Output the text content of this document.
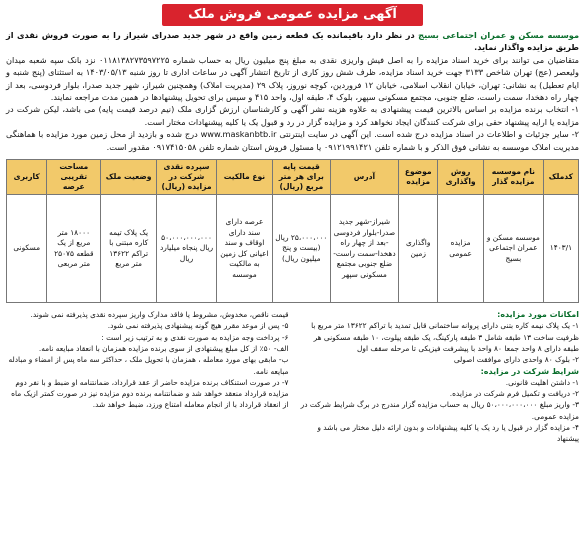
آگهی مزایده عمومی فروش ملک

موسسه مسکن و عمران اجتماعی بسیج در نظر دارد باقیمانده یک قطعه زمین واقع در شهر جدید صدرای شیراز را به صورت فروش نقدی از طریق مزایده واگذار نماید.

متقاضیان می توانند برای خرید اسناد مزایده را به اصل فیش واریزی نقدی به مبلغ پنج میلیون ریال به حساب شماره ۰۱۱۸۱۳۸۲۷۳۵۹۷۲۲۵ نزد بانک سپه شعبه میدان ولیعصر (عج) تهران شاخص ۳۱۳۳ جهت خرید اسناد مزایده، ظرف شش روز کاری از تاریخ انتشار آگهی در ساعات اداری تا روز شنبه ۱۴۰۳/۰۵/۱۳ به استثنای (پنج شنبه و ایام تعطیل) به نشانی: تهران، خیابان انقلاب اسلامی، خیابان ۱۲ فروردین، کوچه نوروز، پلاک ۲۹ (مدیریت املاک) وهمچنین شیراز، شهر جدید صدرا، بلوار فردوسی، بعد از چهار راه دهخدا، سمت راست، ضلع جنوبی، مجتمع مسکونی سپهر، بلوک ۴، طبقه اول، واحد ۴۱۵ و سپس برای تحویل پیشنهادها در همین مدت مراجعه نمایند.

۱- انتخاب برنده مزایده بر اساس بالاترین قیمت پیشنهادی به علاوه هزینه نشر آگهی و کارشناسان ارزش گزاری ملک (نیم درصد قیمت پایه) می باشد، لیکن شرکت در مزایده یا ارایه پیشنهاد حقی برای شرکت کنندگان ایجاد نخواهد کرد و مزایده گزار در رد و قبول یک یا کلیه پیشنهادات مختار است.

۲- سایر جزئیات و اطلاعات در اسناد مزایده درج شده است. این آگهی در سایت اینترنتی www.maskanbtb.ir درج شده و بازدید از محل زمین مورد مزایده با هماهنگی مدیریت املاک موسسه به نشانی فوق الذکر و با شماره تلفن ۰۹۱۲۱۹۹۱۴۲۱ یا مسئول فروش استان شماره تلفن ۰۹۱۷۴۱۵۰۵۸ مقدور است.

کدملک	نام موسسه مزایده گذار	روش واگذاری	موضوع مزایده	آدرس	قیمت پایه برای هر متر مربع (ریال)	نوع مالکیت	سپرده نقدی شرکت در مزایده (ریال)	وضعیت ملک	مساحت تقریبی عرصه	کاربری
۱۴۰۳/۱	موسسه مسکن و عمران اجتماعی بسیج	مزایده عمومی	واگذاری زمین	شیراز-شهر جدید صدرا-بلوار فردوسی -بعد از چهار راه دهخدا-سمت راست-ضلع جنوبی مجتمع مسکونی سپهر	۲۵،۰۰۰،۰۰۰ ریال (بیست و پنج میلیون ریال)	عرصه دارای سند دارای اوقاف و سند اعیانی کل زمین به مالکیت موسسه	۵۰،۰۰۰،۰۰۰،۰۰۰ ریال پنجاه میلیارد ریال	یک پلاک تیمه کاره مبتنی با تراکم ۱۳۶۲۲ متر مربع	۱۸۰۰۰ متر مربع از یک قطعه ۲۵۰۷۵ متر مربعی	مسکونی
امکانات مورد مزایده:
۱- یک پلاک نیمه کاره بتنی دارای پروانه ساختمانی قابل تمدید با تراکم ۱۳۶۲۲ متر مربع با ظرفیت ساخت ۱۳ طبقه شامل ۳ طبقه پارکینگ، یک طبقه پیلوت، ۱۰ طبقه مسکونی هر طبقه دارای ۸ واحد جمعا ۸۰ واحد با پیشرفت فیزیکی تا مرحله سقف اول
۲- بلوک ۸۰ واحدی دارای موافقت اصولی
شرایط شرکت در مزایده:
۱- داشتن اهلیت قانونی.
۲- دریافت و تکمیل فرم شرکت در مزایده.
۳- واریز مبلغ ۵۰،۰۰۰،۰۰۰،۰۰۰ ریال به حساب مزایده گزار مندرج در برگ شرایط شرکت در مزایده عمومی.
۴- مزایده گزار در قبول یا رد یک یا کلیه پیشنهادات و بدون ارائه دلیل مختار می باشد و پیشنهاد
قیمت ناقص، مخدوش، مشروط یا فاقد مدارک واریز سپرده نقدی پذیرفته نمی شوند.
۵- پس از موعد مقرر هیچ گونه پیشنهادی پذیرفته نمی شود.
۶- پرداخت وجه مزایده به صورت نقدی و به ترتیب زیر است :
الف- ۵۰٪ از کل مبلغ پیشنهادی از سوی برنده مزایده همزمان با انعقاد مبایعه نامه.
ب- مابقی بهای مورد معامله ، همزمان با تحویل ملک ، حداکثر سه ماه پس از امضاء و مبادله مبایعه نامه.
۷- در صورت استنکاف برنده مزایده حاضر از عقد قرارداد، ضمانتنامه او ضبط و با نفر دوم مزایده قرارداد منعقد خواهد شد و ضمانتنامه برنده دوم مزایده نیز در صورت کمتر ازیک ماه از انعقاد قرارداد با از انجام معامله امتناع ورزد، ضبط خواهد شد.
